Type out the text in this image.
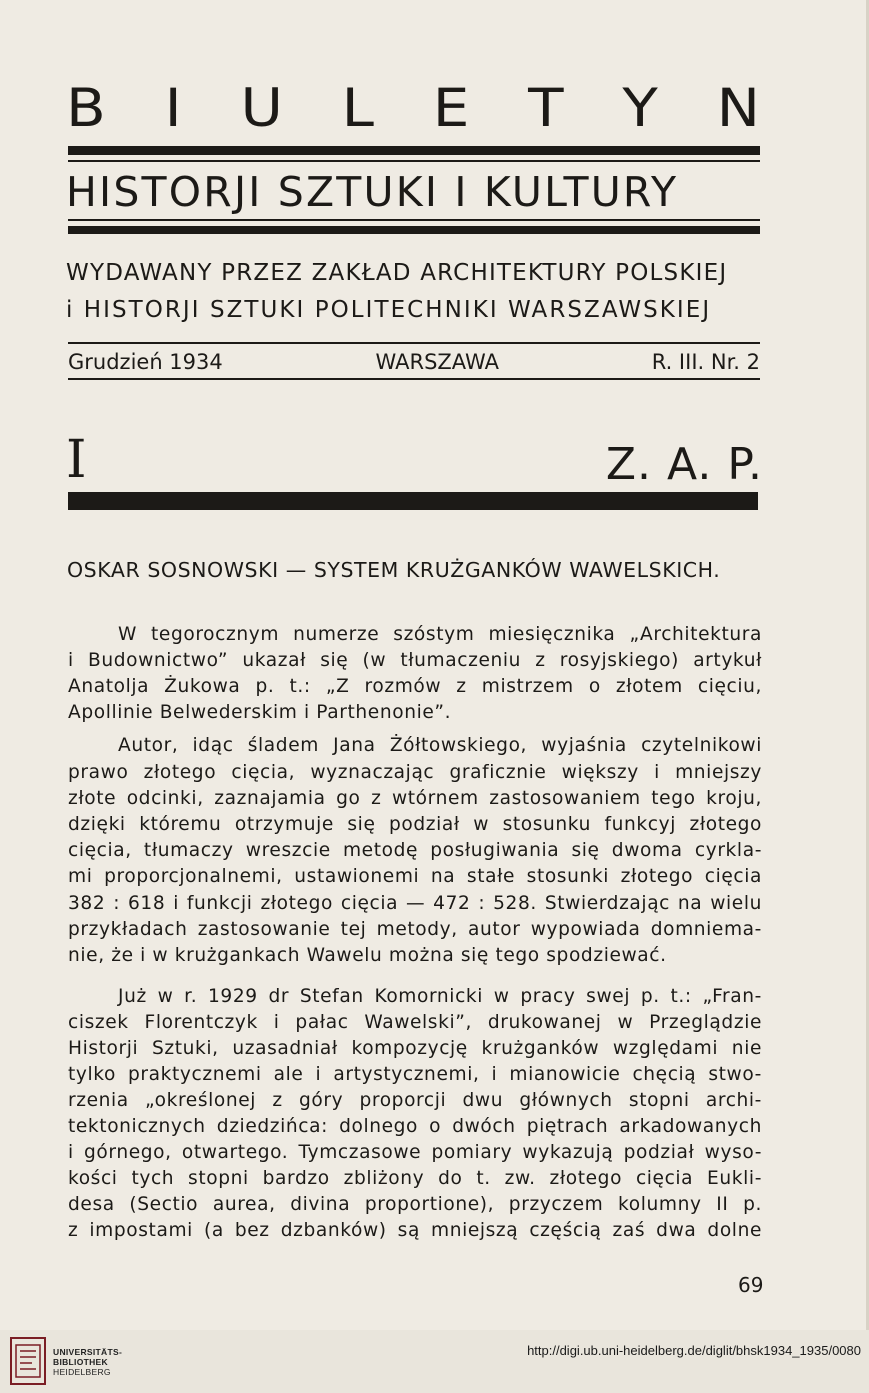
B I U L E T Y N
HISTORJI SZTUKI I KULTURY
WYDAWANY PRZEZ ZAKŁAD ARCHITEKTURY POLSKIEJ
i HISTORJI SZTUKI POLITECHNIKI WARSZAWSKIEJ
Grudzień 1934	WARSZAWA	R. III. Nr. 2
I	Z. A. P.
OSKAR SOSNOWSKI — SYSTEM KRUŻGANKÓW WAWELSKICH.
W tegorocznym numerze szóstym miesięcznika „Architektura
i Budownictwo” ukazał się (w tłumaczeniu z rosyjskiego) artykuł
Anatolja Żukowa p. t.: „Z rozmów z mistrzem o złotem cięciu,
Apollinie Belwederskim i Parthenonie”.
Autor, idąc śladem Jana Żółtowskiego, wyjaśnia czytelnikowi
prawo złotego cięcia, wyznaczając graficznie większy i mniejszy
złote odcinki, zaznajamia go z wtórnem zastosowaniem tego kroju,
dzięki któremu otrzymuje się podział w stosunku funkcyj złotego
cięcia, tłumaczy wreszcie metodę posługiwania się dwoma cyrkla-
mi proporcjonalnemi, ustawionemi na stałe stosunki złotego cięcia
382 : 618 i funkcji złotego cięcia — 472 : 528. Stwierdzając na wielu
przykładach zastosowanie tej metody, autor wypowiada domniema-
nie, że i w krużgankach Wawelu można się tego spodziewać.
Już w r. 1929 dr Stefan Komornicki w pracy swej p. t.: „Fran-
ciszek Florentczyk i pałac Wawelski”, drukowanej w Przeglądzie
Historji Sztuki, uzasadniał kompozycję krużganków względami nie
tylko praktycznemi ale i artystycznemi, i mianowicie chęcią stwo-
rzenia „określonej z góry proporcji dwu głównych stopni archi-
tektonicznych dziedzińca: dolnego o dwóch piętrach arkadowanych
i górnego, otwartego. Tymczasowe pomiary wykazują podział wyso-
kości tych stopni bardzo zbliżony do t. zw. złotego cięcia Eukli-
desa (Sectio aurea, divina proportione), przyczem kolumny II p.
z impostami (a bez dzbanków) są mniejszą częścią zaś dwa dolne
69
UNIVERSITÄTS-
BIBLIOTHEK
HEIDELBERG
http://digi.ub.uni-heidelberg.de/diglit/bhsk1934_1935/0080
